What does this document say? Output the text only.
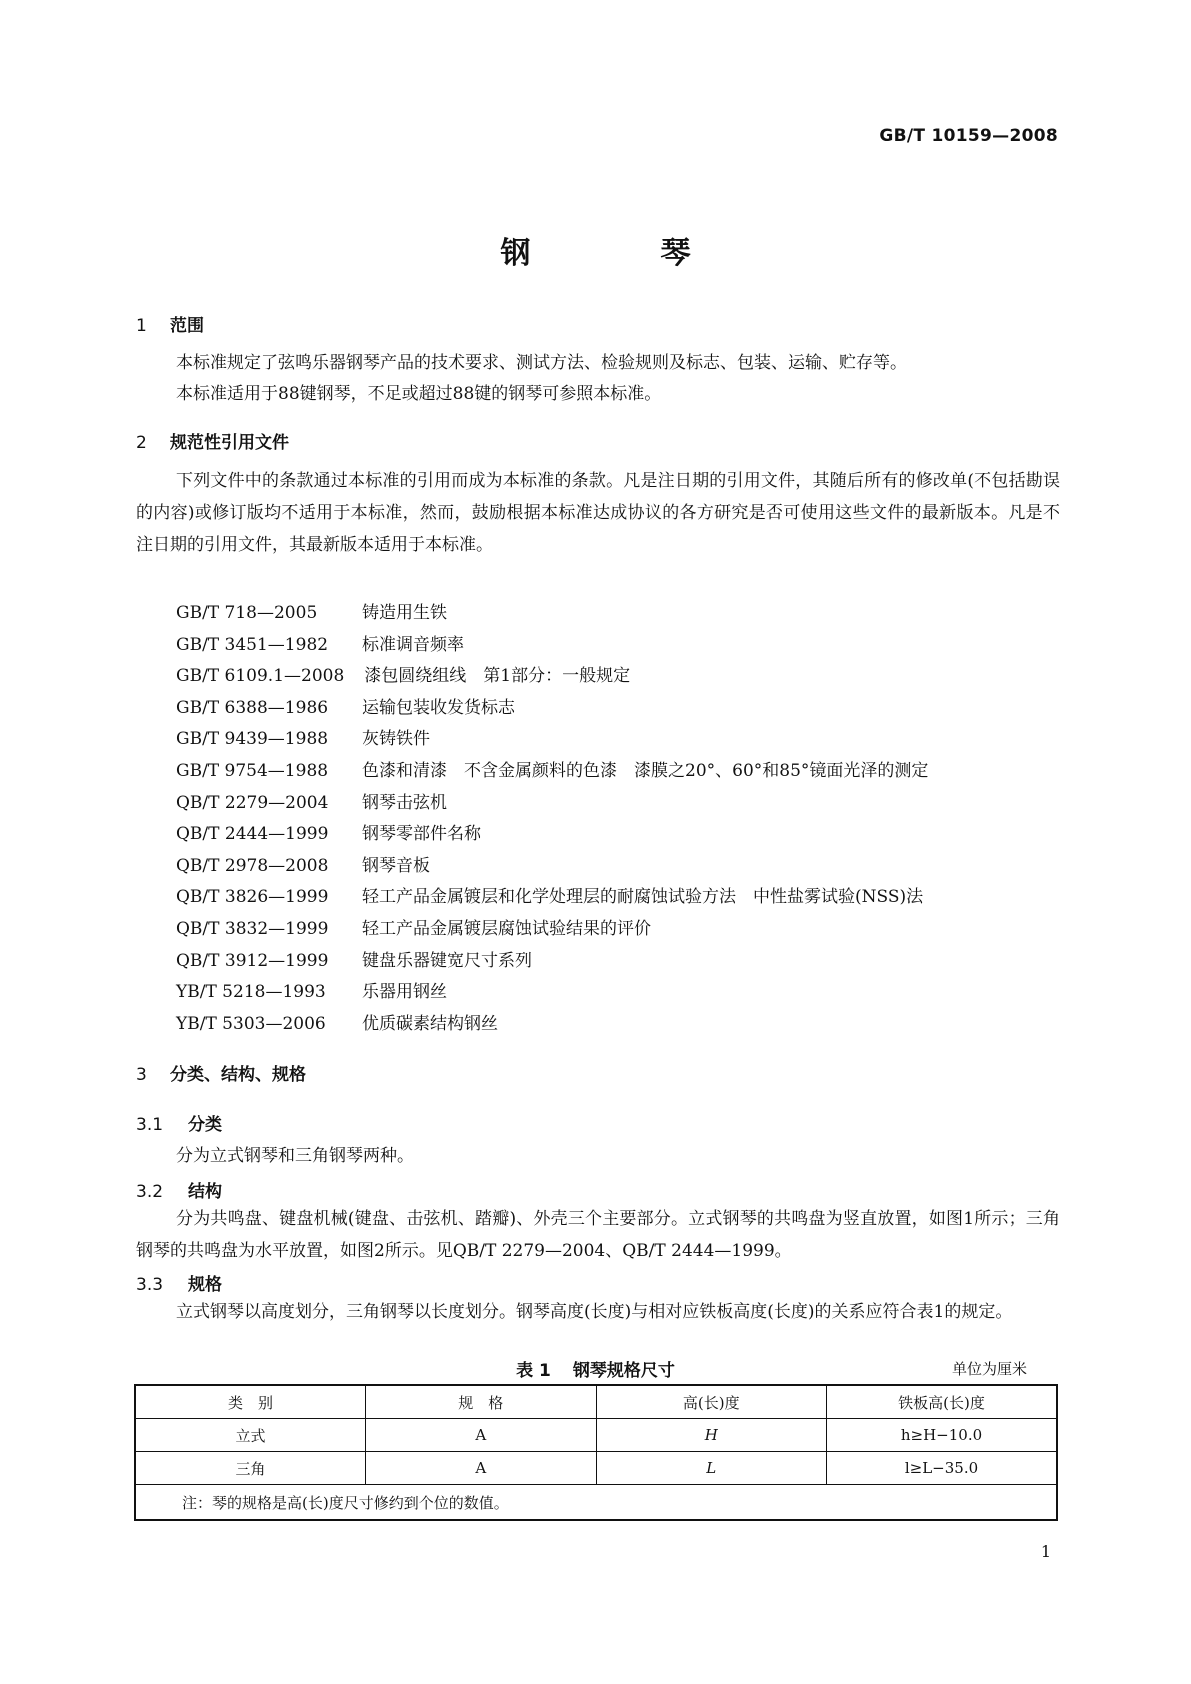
GB/T 10159—2008
钢	琴
1 范围
本标准规定了弦鸣乐器钢琴产品的技术要求、测试方法、检验规则及标志、包装、运输、贮存等。
本标准适用于88键钢琴，不足或超过88键的钢琴可参照本标准。
2 规范性引用文件
下列文件中的条款通过本标准的引用而成为本标准的条款。凡是注日期的引用文件，其随后所有的修改单(不包括勘误的内容)或修订版均不适用于本标准，然而，鼓励根据本标准达成协议的各方研究是否可使用这些文件的最新版本。凡是不注日期的引用文件，其最新版本适用于本标准。
GB/T 718—2005	铸造用生铁
GB/T 3451—1982 标准调音频率
GB/T 6109.1—2008 漆包圆绕组线　第1部分：一般规定
GB/T 6388—1986 运输包装收发货标志
GB/T 9439—1988 灰铸铁件
GB/T 9754—1988 色漆和清漆　不含金属颜料的色漆　漆膜之20°、60°和85°镜面光泽的测定
QB/T 2279—2004 钢琴击弦机
QB/T 2444—1999 钢琴零部件名称
QB/T 2978—2008 钢琴音板
QB/T 3826—1999 轻工产品金属镀层和化学处理层的耐腐蚀试验方法　中性盐雾试验(NSS)法
QB/T 3832—1999 轻工产品金属镀层腐蚀试验结果的评价
QB/T 3912—1999 键盘乐器键宽尺寸系列
YB/T 5218—1993 乐器用钢丝
YB/T 5303—2006 优质碳素结构钢丝
3 分类、结构、规格
3.1 分类
分为立式钢琴和三角钢琴两种。
3.2 结构
分为共鸣盘、键盘机械(键盘、击弦机、踏瓣)、外壳三个主要部分。立式钢琴的共鸣盘为竖直放置，如图1所示；三角钢琴的共鸣盘为水平放置，如图2所示。见QB/T 2279—2004、QB/T 2444—1999。
3.3 规格
立式钢琴以高度划分，三角钢琴以长度划分。钢琴高度(长度)与相对应铁板高度(长度)的关系应符合表1的规定。
表 1 钢琴规格尺寸	单位为厘米
类　别	规　格	高(长)度	铁板高(长)度
立式	A	H	h≥H−10.0
三角	A	L	l≥L−35.0
注：琴的规格是高(长)度尺寸修约到个位的数值。			
1
